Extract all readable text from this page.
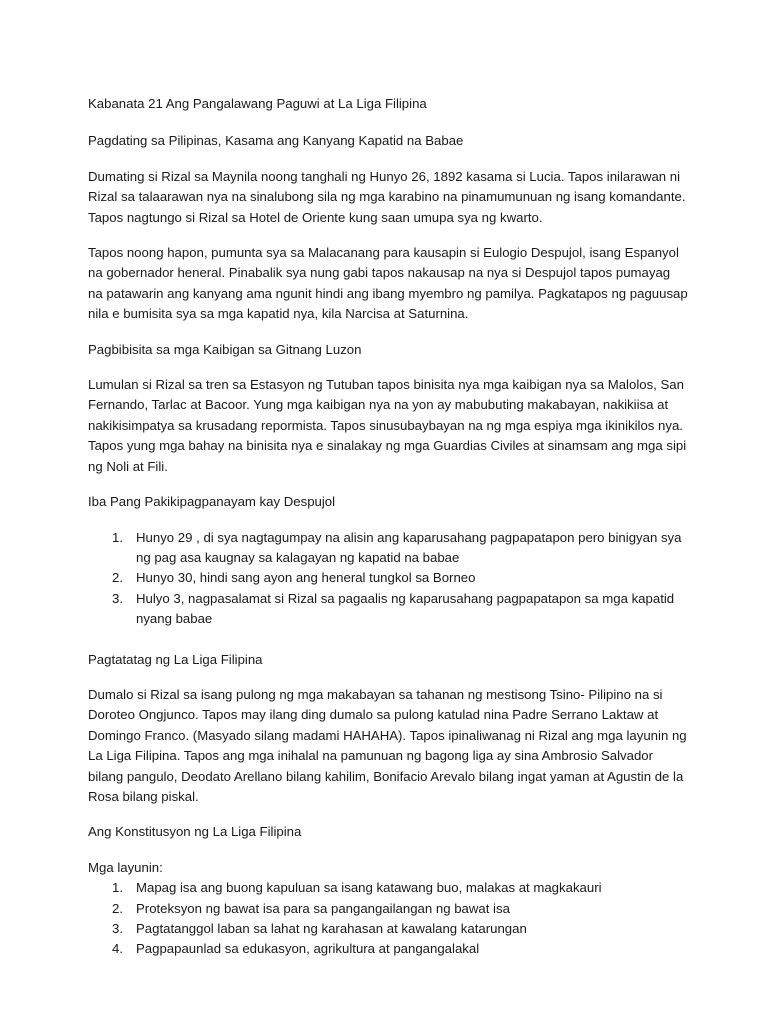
Kabanata 21 Ang Pangalawang Paguwi at La Liga Filipina

Pagdating sa Pilipinas, Kasama ang Kanyang Kapatid na Babae

Dumating si Rizal sa Maynila noong tanghali ng Hunyo 26, 1892 kasama si Lucia. Tapos inilarawan ni Rizal sa talaarawan nya na sinalubong sila ng mga karabino na pinamumunuan ng isang komandante. Tapos nagtungo si Rizal sa Hotel de Oriente kung saan umupa sya ng kwarto.

Tapos noong hapon, pumunta sya sa Malacanang para kausapin si Eulogio Despujol, isang Espanyol na gobernador heneral. Pinabalik sya nung gabi tapos nakausap na nya si Despujol tapos pumayag na patawarin ang kanyang ama ngunit hindi ang ibang myembro ng pamilya. Pagkatapos ng paguusap nila e bumisita sya sa mga kapatid nya, kila Narcisa at Saturnina.

Pagbibisita sa mga Kaibigan sa Gitnang Luzon

Lumulan si Rizal sa tren sa Estasyon ng Tutuban tapos binisita nya mga kaibigan nya sa Malolos, San Fernando, Tarlac at Bacoor. Yung mga kaibigan nya na yon ay mabubuting makabayan, nakikiisa at nakikisimpatya sa krusadang repormista. Tapos sinusubaybayan na ng mga espiya mga ikinikilos nya. Tapos yung mga bahay na binisita nya e sinalakay ng mga Guardias Civiles at sinamsam ang mga sipi ng Noli at Fili.

Iba Pang Pakikipagpanayam kay Despujol

1. Hunyo 29 , di sya nagtagumpay na alisin ang kaparusahang pagpapatapon pero binigyan sya ng pag asa kaugnay sa kalagayan ng kapatid na babae
2. Hunyo 30, hindi sang ayon ang heneral tungkol sa Borneo
3. Hulyo 3, nagpasalamat si Rizal sa pagaalis ng kaparusahang pagpapatapon sa mga kapatid nyang babae

Pagtatatag ng La Liga Filipina

Dumalo si Rizal sa isang pulong ng mga makabayan sa tahanan ng mestisong Tsino- Pilipino na si Doroteo Ongjunco. Tapos may ilang ding dumalo sa pulong katulad nina Padre Serrano Laktaw at Domingo Franco. (Masyado silang madami HAHAHA). Tapos ipinaliwanag ni Rizal ang mga layunin ng La Liga Filipina. Tapos ang mga inihalal na pamunuan ng bagong liga ay sina Ambrosio Salvador bilang pangulo, Deodato Arellano bilang kahilim, Bonifacio Arevalo bilang ingat yaman at Agustin de la Rosa bilang piskal.

Ang Konstitusyon ng La Liga Filipina

Mga layunin:

1. Mapag isa ang buong kapuluan sa isang katawang buo, malakas at magkakauri
2. Proteksyon ng bawat isa para sa pangangailangan ng bawat isa
3. Pagtatanggol laban sa lahat ng karahasan at kawalang katarungan
4. Pagpapaunlad sa edukasyon, agrikultura at pangangalakal
